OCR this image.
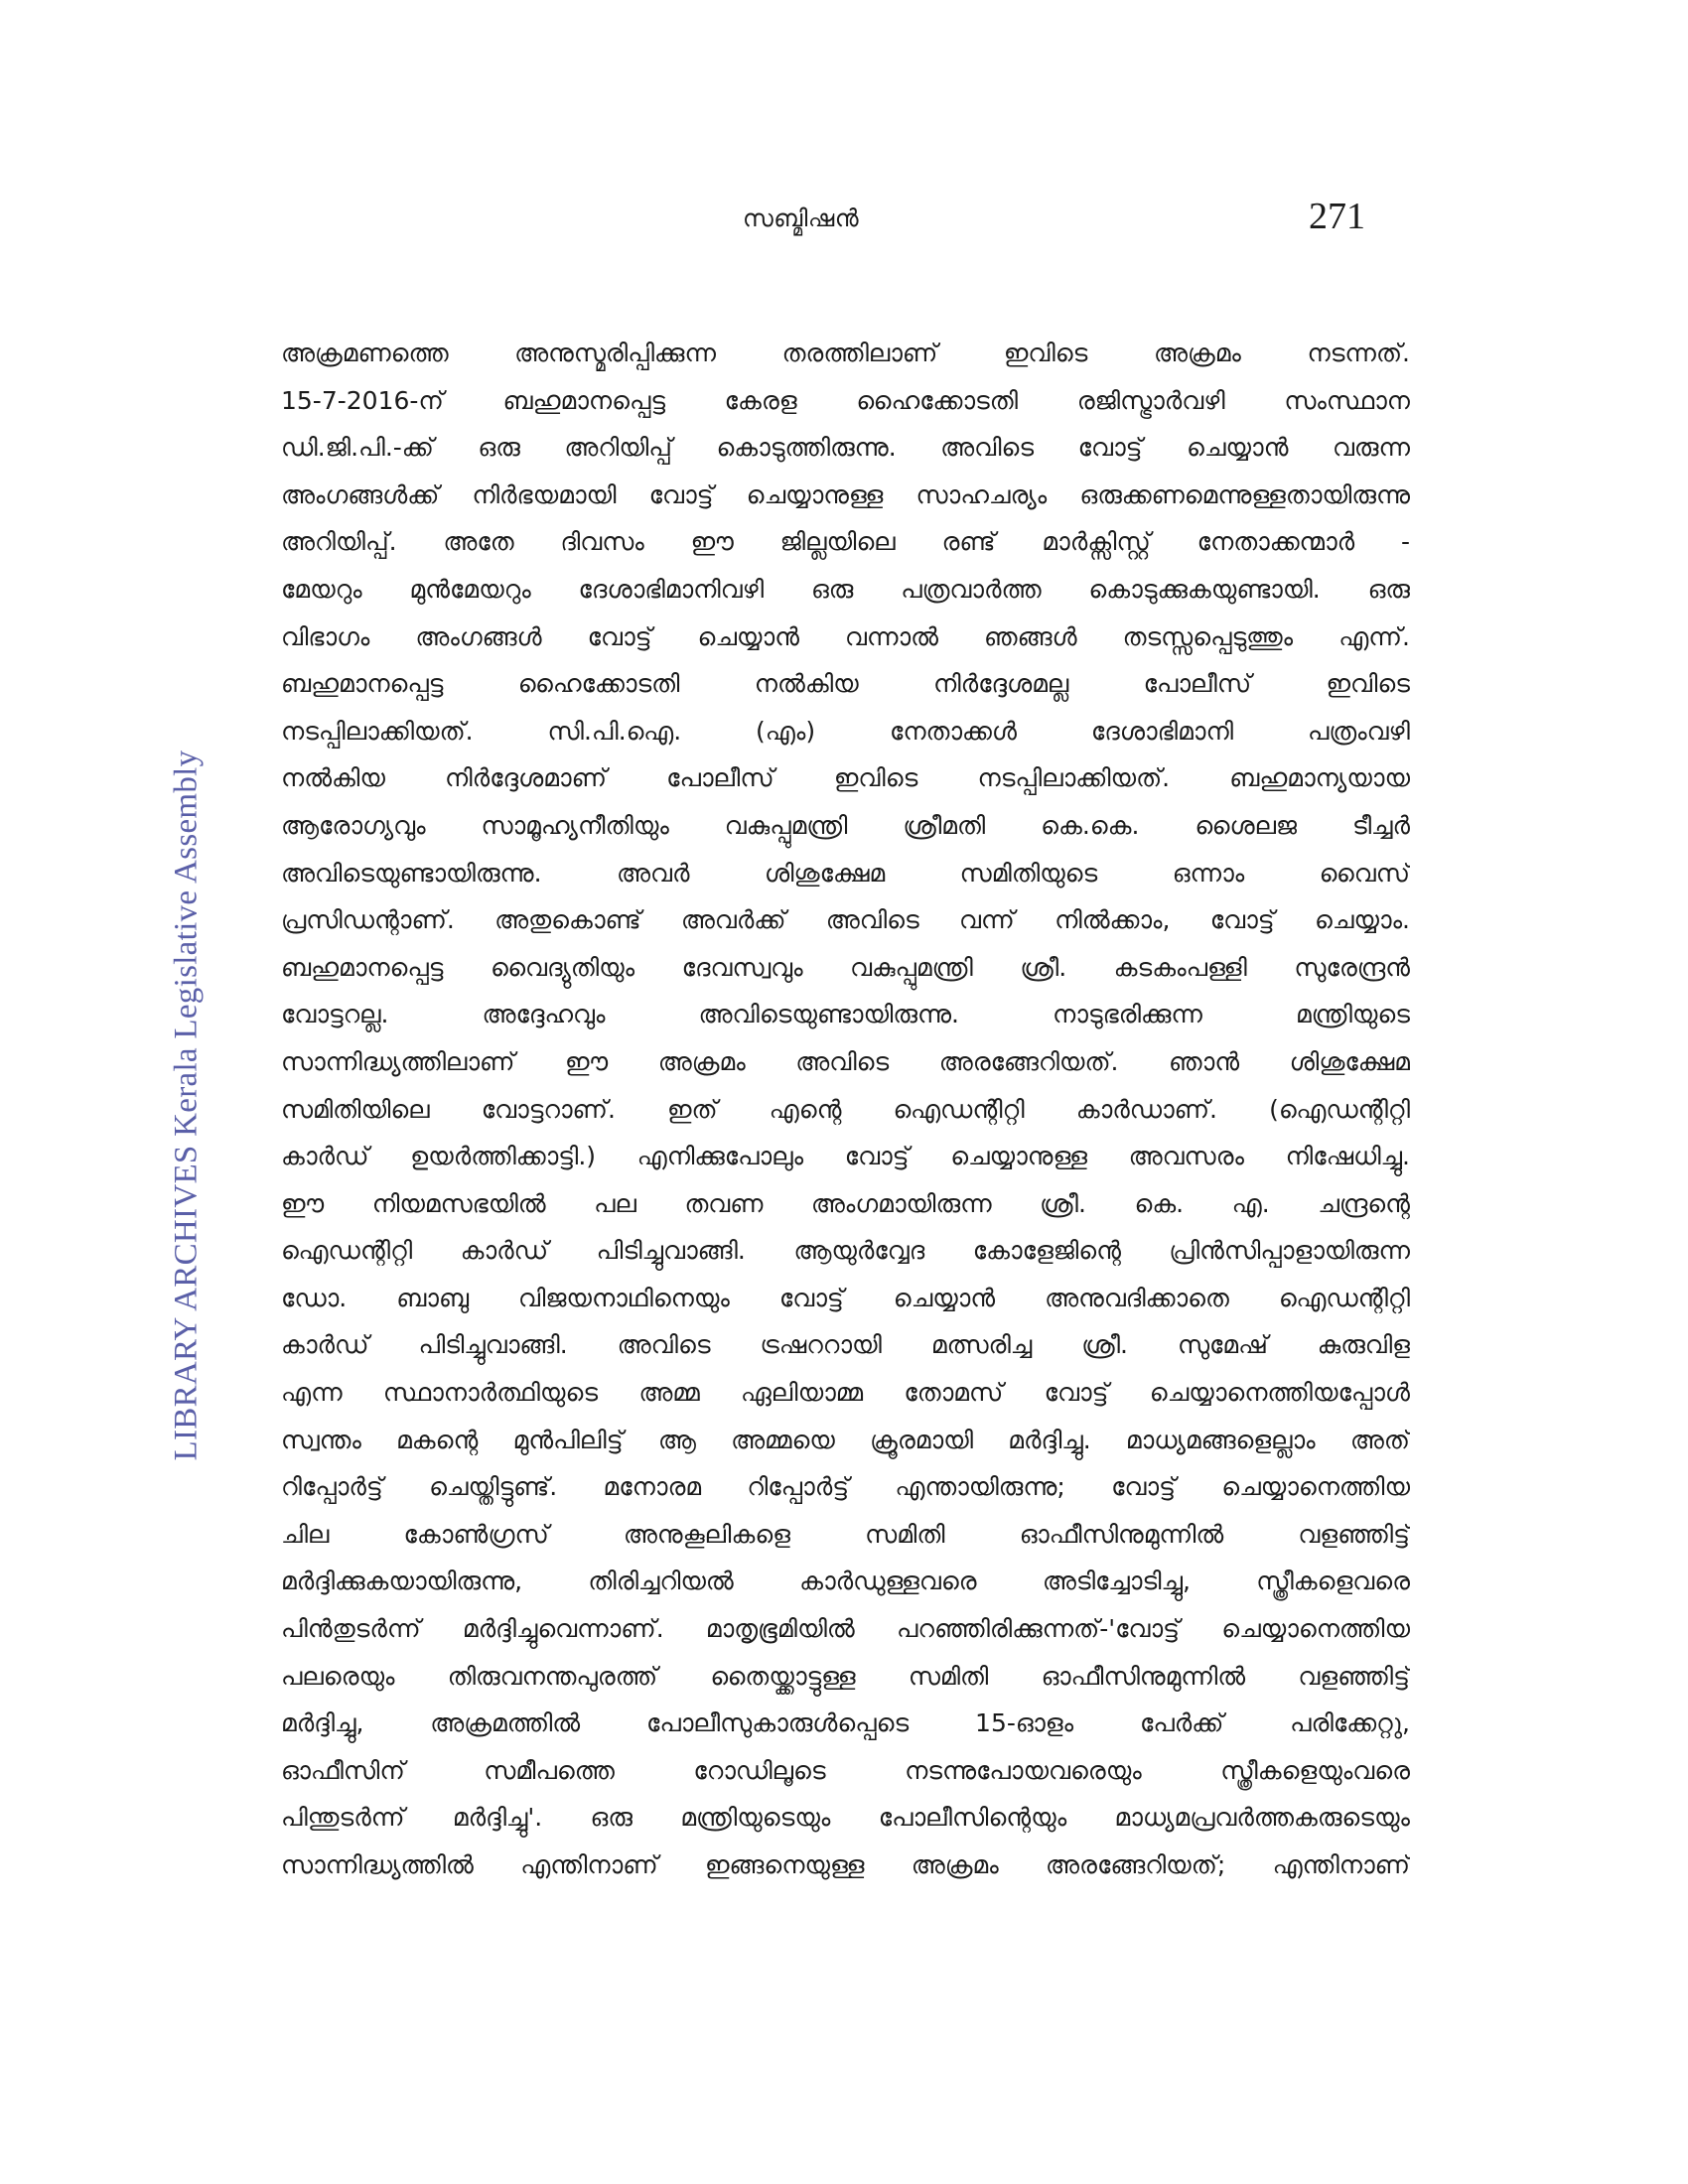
സബ്മിഷൻ	271
LIBRARY ARCHIVES Kerala Legislative Assembly
അക്രമണത്തെ അനുസ്മരിപ്പിക്കുന്ന തരത്തിലാണ് ഇവിടെ അക്രമം നടന്നത്.
15-7-2016-ന് ബഹുമാനപ്പെട്ട കേരള ഹൈക്കോടതി രജിസ്ട്രാർവഴി സംസ്ഥാന
ഡി.ജി.പി.-ക്ക് ഒരു അറിയിപ്പ് കൊടുത്തിരുന്നു. അവിടെ വോട്ട് ചെയ്യാൻ വരുന്ന
അംഗങ്ങൾക്ക് നിർഭയമായി വോട്ട് ചെയ്യാനുള്ള സാഹചര്യം ഒരുക്കണമെന്നുള്ളതായിരുന്നു
അറിയിപ്പ്. അതേ ദിവസം ഈ ജില്ലയിലെ രണ്ട് മാർക്സിസ്റ്റ് നേതാക്കന്മാർ -
മേയറും മുൻമേയറും ദേശാഭിമാനിവഴി ഒരു പത്രവാർത്ത കൊടുക്കുകയുണ്ടായി. ഒരു
വിഭാഗം അംഗങ്ങൾ വോട്ട് ചെയ്യാൻ വന്നാൽ ഞങ്ങൾ തടസ്സപ്പെടുത്തും എന്ന്.
ബഹുമാനപ്പെട്ട ഹൈക്കോടതി നൽകിയ നിർദ്ദേശമല്ല പോലീസ് ഇവിടെ
നടപ്പിലാക്കിയത്. സി.പി.ഐ. (എം) നേതാക്കൾ ദേശാഭിമാനി പത്രംവഴി
നൽകിയ നിർദ്ദേശമാണ് പോലീസ് ഇവിടെ നടപ്പിലാക്കിയത്. ബഹുമാന്യയായ
ആരോഗ്യവും സാമൂഹ്യനീതിയും വകുപ്പുമന്ത്രി ശ്രീമതി കെ.കെ. ശൈലജ ടീച്ചർ
അവിടെയുണ്ടായിരുന്നു. അവർ ശിശുക്ഷേമ സമിതിയുടെ ഒന്നാം വൈസ്
പ്രസിഡന്റാണ്. അതുകൊണ്ട് അവർക്ക് അവിടെ വന്ന് നിൽക്കാം, വോട്ട് ചെയ്യാം.
ബഹുമാനപ്പെട്ട വൈദ്യുതിയും ദേവസ്വവും വകുപ്പുമന്ത്രി ശ്രീ. കടകംപള്ളി സുരേന്ദ്രൻ
വോട്ടറല്ല. അദ്ദേഹവും അവിടെയുണ്ടായിരുന്നു. നാടുഭരിക്കുന്ന മന്ത്രിയുടെ
സാന്നിദ്ധ്യത്തിലാണ് ഈ അക്രമം അവിടെ അരങ്ങേറിയത്. ഞാൻ ശിശുക്ഷേമ
സമിതിയിലെ വോട്ടറാണ്. ഇത് എന്റെ ഐഡന്റിറ്റി കാർഡാണ്. (ഐഡന്റിറ്റി
കാർഡ് ഉയർത്തിക്കാട്ടി.) എനിക്കുപോലും വോട്ട് ചെയ്യാനുള്ള അവസരം നിഷേധിച്ചു.
ഈ നിയമസഭയിൽ പല തവണ അംഗമായിരുന്ന ശ്രീ. കെ. എ. ചന്ദ്രന്റെ
ഐഡന്റിറ്റി കാർഡ് പിടിച്ചുവാങ്ങി. ആയുർവ്വേദ കോളേജിന്റെ പ്രിൻസിപ്പാളായിരുന്ന
ഡോ. ബാബു വിജയനാഥിനെയും വോട്ട് ചെയ്യാൻ അനുവദിക്കാതെ ഐഡന്റിറ്റി
കാർഡ് പിടിച്ചുവാങ്ങി. അവിടെ ട്രഷററായി മത്സരിച്ച ശ്രീ. സുമേഷ് കുരുവിള
എന്ന സ്ഥാനാർത്ഥിയുടെ അമ്മ ഏലിയാമ്മ തോമസ് വോട്ട് ചെയ്യാനെത്തിയപ്പോൾ
സ്വന്തം മകന്റെ മുൻപിലിട്ട് ആ അമ്മയെ ക്രൂരമായി മർദ്ദിച്ചു. മാധ്യമങ്ങളെല്ലാം അത്
റിപ്പോർട്ട് ചെയ്തിട്ടുണ്ട്. മനോരമ റിപ്പോർട്ട് എന്തായിരുന്നു; വോട്ട് ചെയ്യാനെത്തിയ
ചില കോൺഗ്രസ് അനുകൂലികളെ സമിതി ഓഫീസിനുമുന്നിൽ വളഞ്ഞിട്ട്
മർദ്ദിക്കുകയായിരുന്നു, തിരിച്ചറിയൽ കാർഡുള്ളവരെ അടിച്ചോടിച്ചു, സ്ത്രീകളെവരെ
പിൻതുടർന്ന് മർദ്ദിച്ചുവെന്നാണ്. മാതൃഭൂമിയിൽ പറഞ്ഞിരിക്കുന്നത്-'വോട്ട് ചെയ്യാനെത്തിയ
പലരെയും തിരുവനന്തപുരത്ത് തൈയ്ക്കാട്ടുള്ള സമിതി ഓഫീസിനുമുന്നിൽ വളഞ്ഞിട്ട്
മർദ്ദിച്ചു, അക്രമത്തിൽ പോലീസുകാരുൾപ്പെടെ 15-ഓളം പേർക്ക് പരിക്കേറ്റു,
ഓഫീസിന് സമീപത്തെ റോഡിലൂടെ നടന്നുപോയവരെയും സ്ത്രീകളെയുംവരെ
പിന്തുടർന്ന് മർദ്ദിച്ചു'. ഒരു മന്ത്രിയുടെയും പോലീസിന്റെയും മാധ്യമപ്രവർത്തകരുടെയും
സാന്നിദ്ധ്യത്തിൽ എന്തിനാണ് ഇങ്ങനെയുള്ള അക്രമം അരങ്ങേറിയത്; എന്തിനാണ്
